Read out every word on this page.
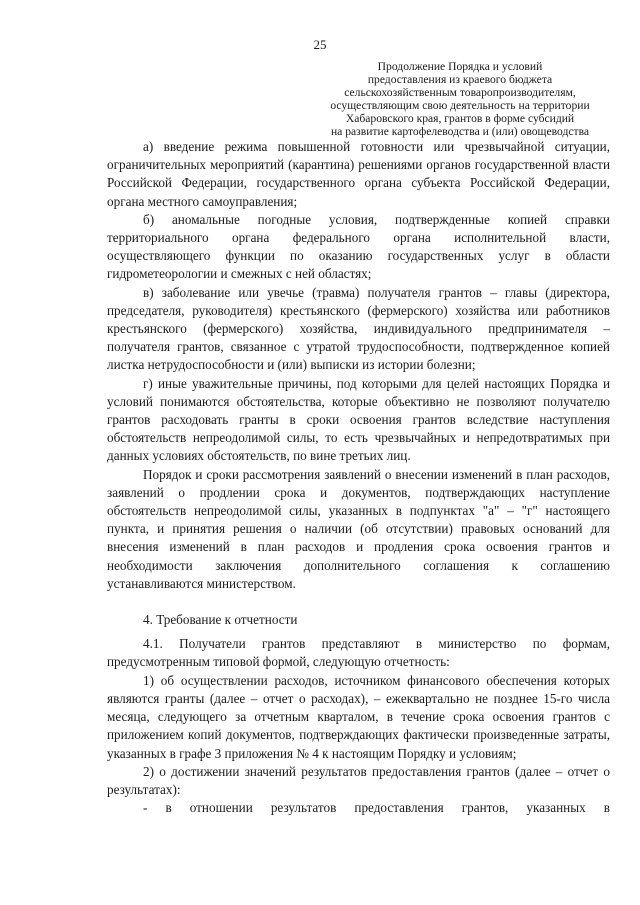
25
Продолжение Порядка и условий
предоставления из краевого бюджета
сельскохозяйственным товаропроизводителям,
осуществляющим свою деятельность на территории
Хабаровского края, грантов в форме субсидий
на развитие картофелеводства и (или) овощеводства

а) введение режима повышенной готовности или чрезвычайной ситуации, ограничительных мероприятий (карантина) решениями органов государственной власти Российской Федерации, государственного органа субъекта Российской Федерации, органа местного самоуправления;

б) аномальные погодные условия, подтвержденные копией справки территориального органа федерального органа исполнительной власти, осуществляющего функции по оказанию государственных услуг в области гидрометеорологии и смежных с ней областях;

в) заболевание или увечье (травма) получателя грантов – главы (директора, председателя, руководителя) крестьянского (фермерского) хозяйства или работников крестьянского (фермерского) хозяйства, индивидуального предпринимателя – получателя грантов, связанное с утратой трудоспособности, подтвержденное копией листка нетрудоспособности и (или) выписки из истории болезни;

г) иные уважительные причины, под которыми для целей настоящих Порядка и условий понимаются обстоятельства, которые объективно не позволяют получателю грантов расходовать гранты в сроки освоения грантов вследствие наступления обстоятельств непреодолимой силы, то есть чрезвычайных и непредотвратимых при данных условиях обстоятельств, по вине третьих лиц.

Порядок и сроки рассмотрения заявлений о внесении изменений в план расходов, заявлений о продлении срока и документов, подтверждающих наступление обстоятельств непреодолимой силы, указанных в подпунктах "а" – "г" настоящего пункта, и принятия решения о наличии (об отсутствии) правовых оснований для внесения изменений в план расходов и продления срока освоения грантов и необходимости заключения дополнительного соглашения к соглашению устанавливаются министерством.

4. Требование к отчетности

4.1. Получатели грантов представляют в министерство по формам, предусмотренным типовой формой, следующую отчетность:

1) об осуществлении расходов, источником финансового обеспечения которых являются гранты (далее – отчет о расходах), – ежеквартально не позднее 15-го числа месяца, следующего за отчетным кварталом, в течение срока освоения грантов с приложением копий документов, подтверждающих фактически произведенные затраты, указанных в графе 3 приложения № 4 к настоящим Порядку и условиям;

2) о достижении значений результатов предоставления грантов (далее – отчет о результатах):

- в отношении результатов предоставления грантов, указанных в
